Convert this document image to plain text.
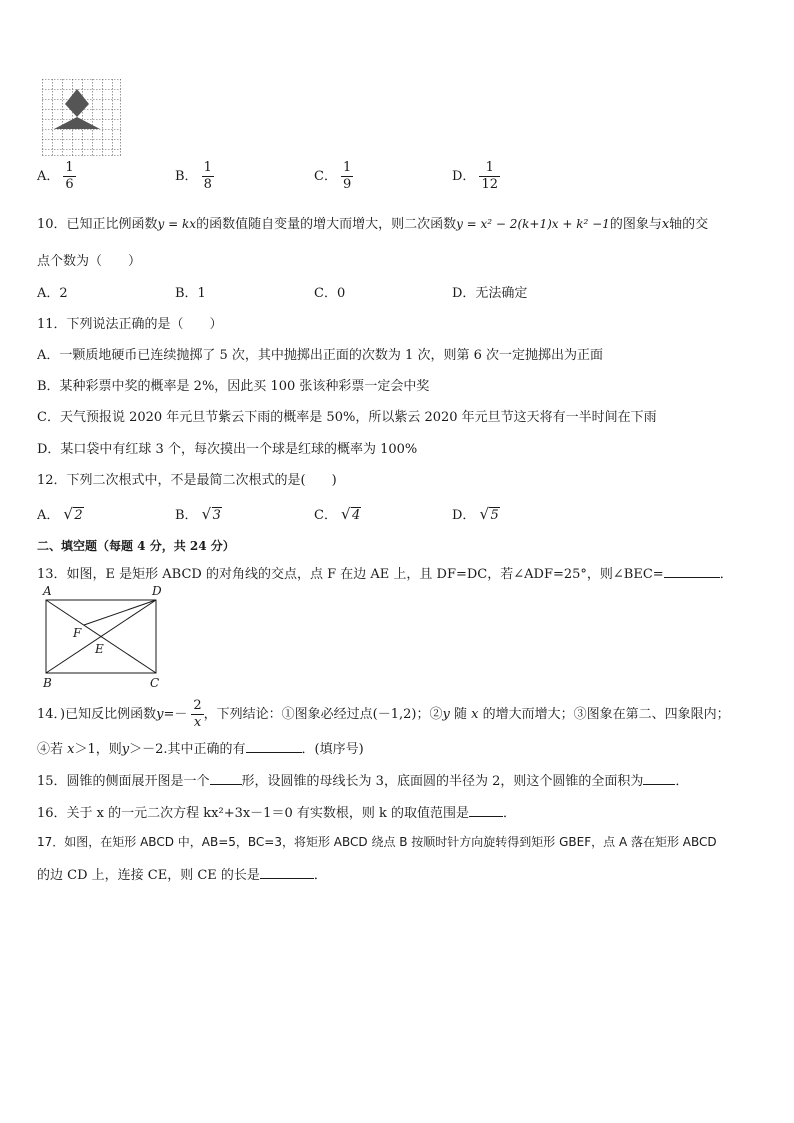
A． $\frac{1}{6}$	B． $\frac{1}{8}$	C． $\frac{1}{9}$	D． $\frac{1}{12}$
10．已知正比例函数y = kx的函数值随自变量的增大而增大，则二次函数y = x² − 2(k+1)x + k² −1的图象与x轴的交
点个数为（　　）
A．2	B．1	C．0	D．无法确定
11．下列说法正确的是（　　）
A．一颗质地硬币已连续抛掷了 5 次，其中抛掷出正面的次数为 1 次，则第 6 次一定抛掷出为正面
B．某种彩票中奖的概率是 2%，因此买 100 张该种彩票一定会中奖
C．天气预报说 2020 年元旦节紫云下雨的概率是 50%，所以紫云 2020 年元旦节这天将有一半时间在下雨
D．某口袋中有红球 3 个，每次摸出一个球是红球的概率为 100%
12．下列二次根式中，不是最简二次根式的是(　　)
A． √ 2	B． √ 3	C． √ 4	D． √ 5
二、填空题（每题 4 分，共 24 分）
13．如图，E 是矩形 ABCD 的对角线的交点，点 F 在边 AE 上，且 DF=DC，若∠ADF=25°，则∠BEC=	．
A	D
F
E
B	C
14．)已知反比例函数$y=- \frac{2}{x}$ ，下列结论：①图象必经过点(－1,2)；②y 随 x 的增大而增大；③图象在第二、四象限内；
④若 x＞1，则y＞－2.其中正确的有	．(填序号)
15．圆锥的侧面展开图是一个 形，设圆锥的母线长为 3，底面圆的半径为 2，则这个圆锥的全面积为 ．
16．关于 x 的一元二次方程 kx²+3x－1＝0 有实数根，则 k 的取值范围是	．
17．如图，在矩形 ABCD 中，AB=5，BC=3，将矩形 ABCD 绕点 B 按顺时针方向旋转得到矩形 GBEF，点 A 落在矩形 ABCD
的边 CD 上，连接 CE，则 CE 的长是	．
